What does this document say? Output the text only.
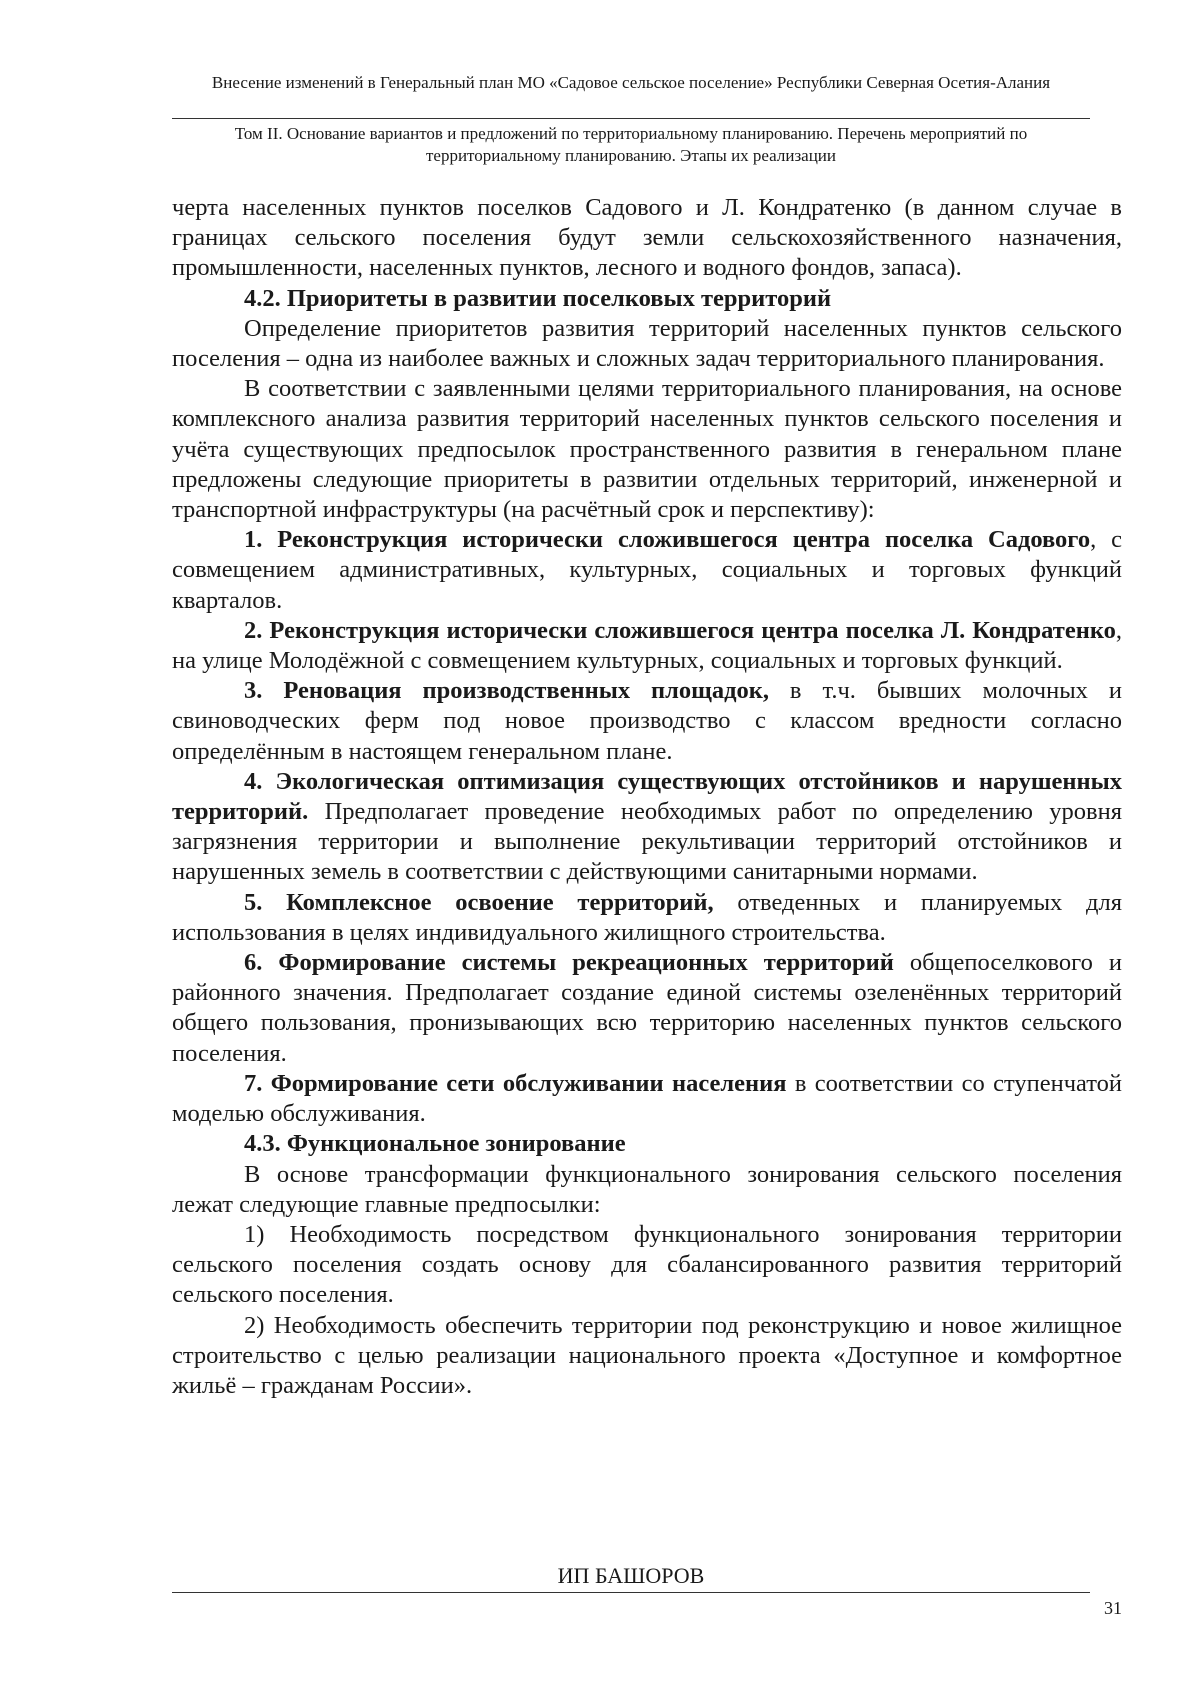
Внесение изменений в Генеральный план МО «Садовое сельское поселение» Республики Северная Осетия-Алания
Том II. Основание вариантов и предложений по территориальному планированию. Перечень мероприятий по территориальному планированию. Этапы их реализации

черта населенных пунктов поселков Садового и Л. Кондратенко (в данном случае в границах сельского поселения будут земли сельскохозяйственного назначения, промышленности, населенных пунктов, лесного и водного фондов, запаса).

4.2. Приоритеты в развитии поселковых территорий

Определение приоритетов развития территорий населенных пунктов сельского поселения – одна из наиболее важных и сложных задач территориального планирования.

В соответствии с заявленными целями территориального планирования, на основе комплексного анализа развития территорий населенных пунктов сельского поселения и учёта существующих предпосылок пространственного развития в генеральном плане предложены следующие приоритеты в развитии отдельных территорий, инженерной и транспортной инфраструктуры (на расчётный срок и перспективу):

1. Реконструкция исторически сложившегося центра поселка Садового, с совмещением административных, культурных, социальных и торговых функций кварталов.

2. Реконструкция исторически сложившегося центра поселка Л. Кондратенко, на улице Молодёжной с совмещением культурных, социальных и торговых функций.

3. Реновация производственных площадок, в т.ч. бывших молочных и свиноводческих ферм под новое производство с классом вредности согласно определённым в настоящем генеральном плане.

4. Экологическая оптимизация существующих отстойников и нарушенных территорий. Предполагает проведение необходимых работ по определению уровня загрязнения территории и выполнение рекультивации территорий отстойников и нарушенных земель в соответствии с действующими санитарными нормами.

5. Комплексное освоение территорий, отведенных и планируемых для использования в целях индивидуального жилищного строительства.

6. Формирование системы рекреационных территорий общепоселкового и районного значения. Предполагает создание единой системы озеленённых территорий общего пользования, пронизывающих всю территорию населенных пунктов сельского поселения.

7. Формирование сети обслуживании населения в соответствии со ступенчатой моделью обслуживания.

4.3. Функциональное зонирование

В основе трансформации функционального зонирования сельского поселения лежат следующие главные предпосылки:

1) Необходимость посредством функционального зонирования территории сельского поселения создать основу для сбалансированного развития территорий сельского поселения.

2) Необходимость обеспечить территории под реконструкцию и новое жилищное строительство с целью реализации национального проекта «Доступное и комфортное жильё – гражданам России».

ИП БАШОРОВ
31
